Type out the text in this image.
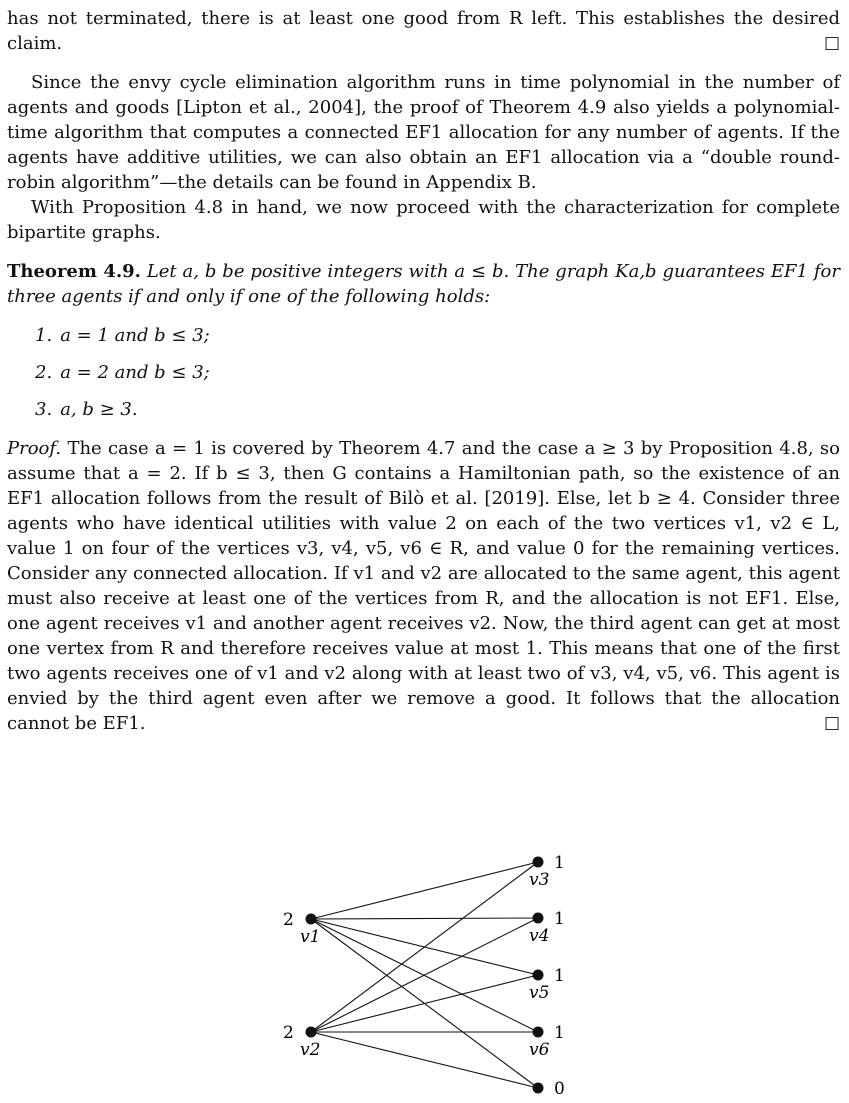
has not terminated, there is at least one good from R left. This establishes the desired claim.	□

Since the envy cycle elimination algorithm runs in time polynomial in the number of agents and goods [Lipton et al., 2004], the proof of Theorem 4.9 also yields a polynomial-time algorithm that computes a connected EF1 allocation for any number of agents. If the agents have additive utilities, we can also obtain an EF1 allocation via a “double round-robin algorithm”—the details can be found in Appendix B.

With Proposition 4.8 in hand, we now proceed with the characterization for complete bipartite graphs.

Theorem 4.9. Let a, b be positive integers with a ≤ b. The graph Ka,b guarantees EF1 for three agents if and only if one of the following holds:

1. a = 1 and b ≤ 3;
2. a = 2 and b ≤ 3;
3. a, b ≥ 3.

Proof. The case a = 1 is covered by Theorem 4.7 and the case a ≥ 3 by Proposition 4.8, so assume that a = 2. If b ≤ 3, then G contains a Hamiltonian path, so the existence of an EF1 allocation follows from the result of Bilò et al. [2019]. Else, let b ≥ 4. Consider three agents who have identical utilities with value 2 on each of the two vertices v1, v2 ∈ L, value 1 on four of the vertices v3, v4, v5, v6 ∈ R, and value 0 for the remaining vertices. Consider any connected allocation. If v1 and v2 are allocated to the same agent, this agent must also receive at least one of the vertices from R, and the allocation is not EF1. Else, one agent receives v1 and another agent receives v2. Now, the third agent can get at most one vertex from R and therefore receives value at most 1. This means that one of the first two agents receives one of v1 and v2 along with at least two of v3, v4, v5, v6. This agent is envied by the third agent even after we remove a good. It follows that the allocation cannot be EF1.	□

2
v1
2
v2
1
v3
1
v4
1
v5
1
v6
0
